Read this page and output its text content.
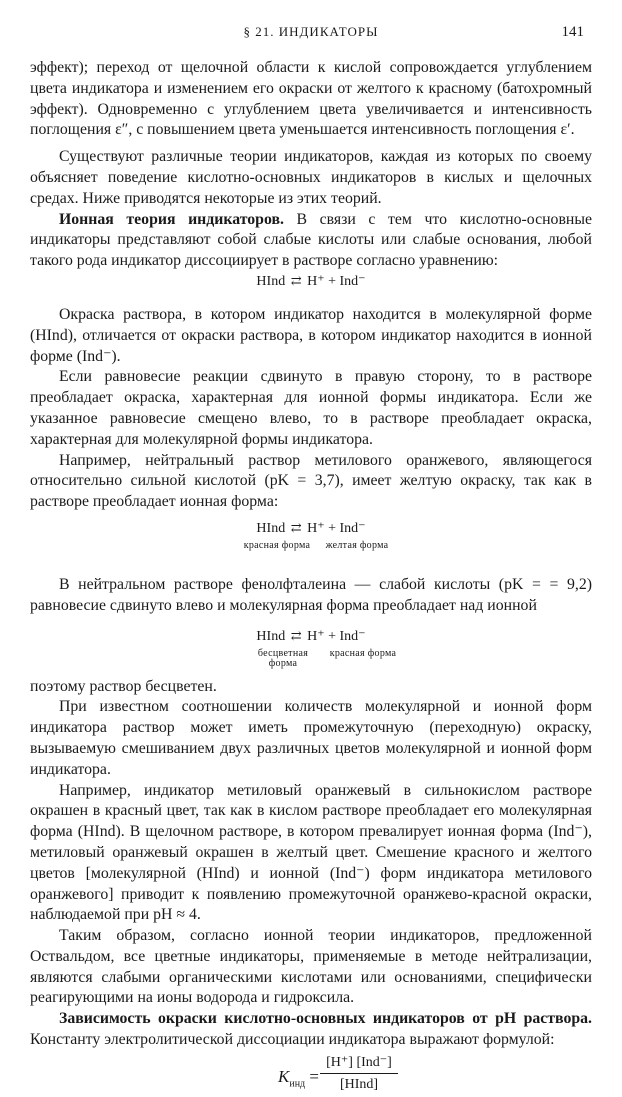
§ 21. ИНДИКАТОРЫ	141

эффект); переход от щелочной области к кислой сопровождается углублением цвета индикатора и изменением его окраски от желтого к красному (батохромный эффект). Одновременно с углублением цвета увеличивается и интенсивность поглощения ε″, с повышением цвета уменьшается интенсивность поглощения ε′.

Существуют различные теории индикаторов, каждая из которых по своему объясняет поведение кислотно-основных индикаторов в кислых и щелочных средах. Ниже приводятся некоторые из этих теорий.

Ионная теория индикаторов. В связи с тем что кислотно-основные индикаторы представляют собой слабые кислоты или слабые основания, любой такого рода индикатор диссоциирует в растворе согласно уравнению:

HInd ⇄ H⁺ + Ind⁻

Окраска раствора, в котором индикатор находится в молекулярной форме (HInd), отличается от окраски раствора, в котором индикатор находится в ионной форме (Ind⁻).

Если равновесие реакции сдвинуто в правую сторону, то в растворе преобладает окраска, характерная для ионной формы индикатора. Если же указанное равновесие смещено влево, то в растворе преобладает окраска, характерная для молекулярной формы индикатора.

Например, нейтральный раствор метилового оранжевого, являющегося относительно сильной кислотой (pK = 3,7), имеет желтую окраску, так как в растворе преобладает ионная форма:

HInd ⇄ H⁺ + Ind⁻

красная форма	желтая форма

В нейтральном растворе фенолфталеина — слабой кислоты (pK = = 9,2) равновесие сдвинуто влево и молекулярная форма преобладает над ионной

HInd ⇄ H⁺ + Ind⁻

бесцветная форма
красная форма

поэтому раствор бесцветен.

При известном соотношении количеств молекулярной и ионной форм индикатора раствор может иметь промежуточную (переходную) окраску, вызываемую смешиванием двух различных цветов молекулярной и ионной форм индикатора.

Например, индикатор метиловый оранжевый в сильнокислом растворе окрашен в красный цвет, так как в кислом растворе преобладает его молекулярная форма (HInd). В щелочном растворе, в котором превалирует ионная форма (Ind⁻), метиловый оранжевый окрашен в желтый цвет. Смешение красного и желтого цветов [молекулярной (HInd) и ионной (Ind⁻) форм индикатора метилового оранжевого] приводит к появлению промежуточной оранжево-красной окраски, наблюдаемой при pH ≈ 4.

Таким образом, согласно ионной теории индикаторов, предложенной Оствальдом, все цветные индикаторы, применяемые в методе нейтрализации, являются слабыми органическими кислотами или основаниями, специфически реагирующими на ионы водорода и гидроксила.

Зависимость окраски кислотно-основных индикаторов от pH раствора. Константу электролитической диссоциации индикатора выражают формулой:

$K_{инд}$ =
[H⁺] [Ind⁻]
[HInd]
